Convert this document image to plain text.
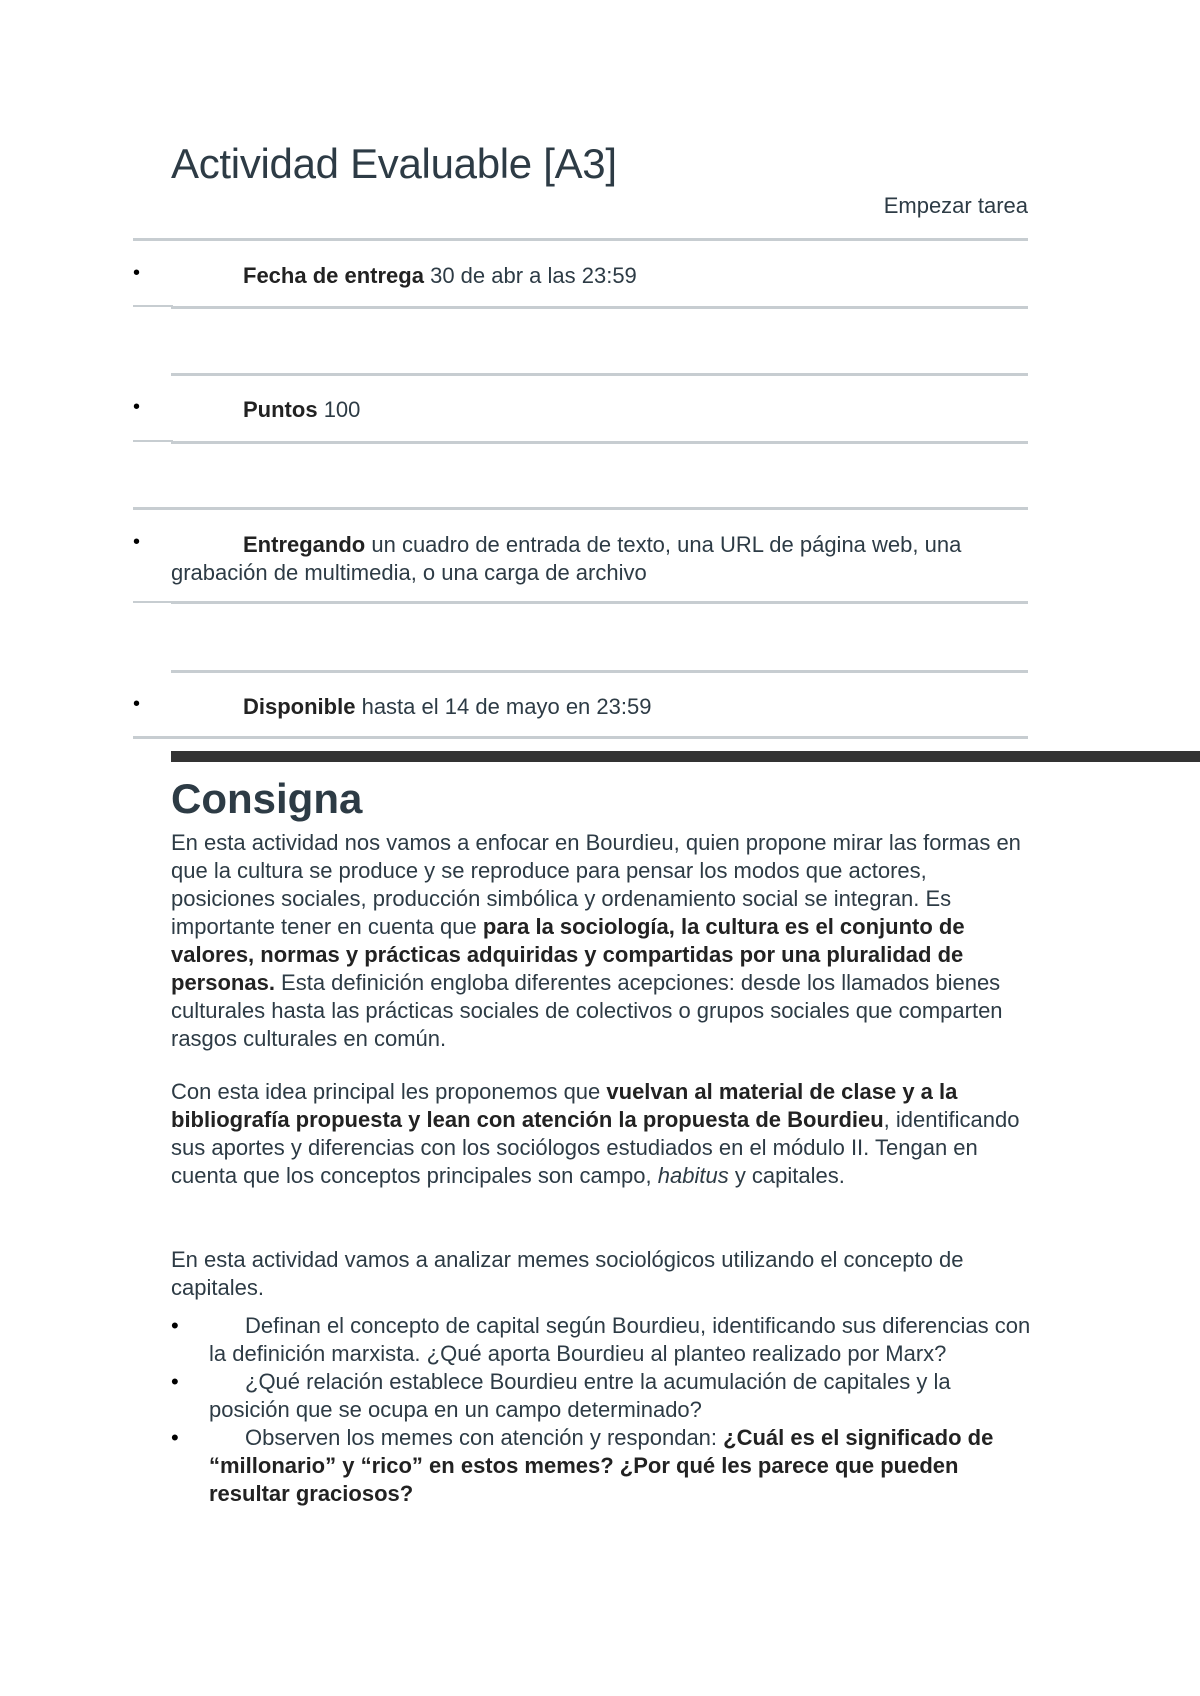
Actividad Evaluable [A3]
Empezar tarea
•	Fecha de entrega 30 de abr a las 23:59
•	Puntos 100
•	Entregando un cuadro de entrada de texto, una URL de página web, una grabación de multimedia, o una carga de archivo
•	Disponible hasta el 14 de mayo en 23:59
Consigna
En esta actividad nos vamos a enfocar en Bourdieu, quien propone mirar las formas en que la cultura se produce y se reproduce para pensar los modos que actores, posiciones sociales, producción simbólica y ordenamiento social se integran. Es importante tener en cuenta que para la sociología, la cultura es el conjunto de valores, normas y prácticas adquiridas y compartidas por una pluralidad de personas. Esta definición engloba diferentes acepciones: desde los llamados bienes culturales hasta las prácticas sociales de colectivos o grupos sociales que comparten rasgos culturales en común.
Con esta idea principal les proponemos que vuelvan al material de clase y a la bibliografía propuesta y lean con atención la propuesta de Bourdieu, identificando sus aportes y diferencias con los sociólogos estudiados en el módulo II. Tengan en cuenta que los conceptos principales son campo, habitus y capitales.
En esta actividad vamos a analizar memes sociológicos utilizando el concepto de capitales.
•	Definan el concepto de capital según Bourdieu, identificando sus diferencias con la definición marxista. ¿Qué aporta Bourdieu al planteo realizado por Marx?
•	¿Qué relación establece Bourdieu entre la acumulación de capitales y la posición que se ocupa en un campo determinado?
•	Observen los memes con atención y respondan: ¿Cuál es el significado de “millonario” y “rico” en estos memes? ¿Por qué les parece que pueden resultar graciosos?
